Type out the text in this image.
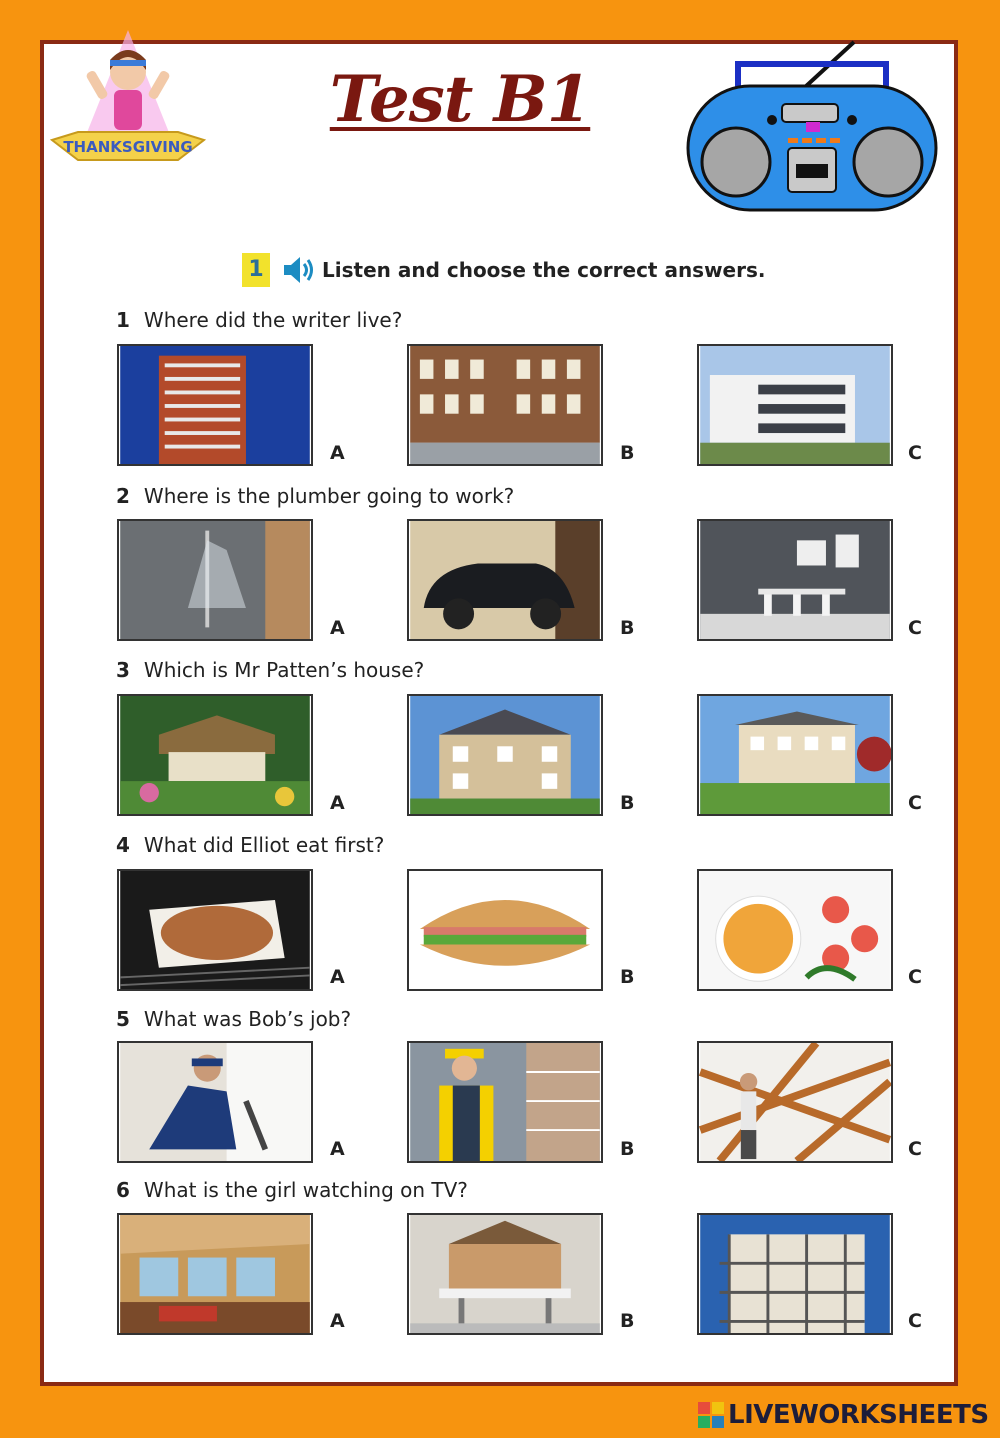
THANKSGIVING
Test B1
1	Listen and choose the correct answers.
1 Where did the writer live?
A	B	C
2 Where is the plumber going to work?
A	B	C
3 Which is Mr Patten’s house?
A	B	C
4 What did Elliot eat first?
A	B	C
5 What was Bob’s job?
A	B	C
6 What is the girl watching on TV?
A	B	C
LIVEWORKSHEETS
